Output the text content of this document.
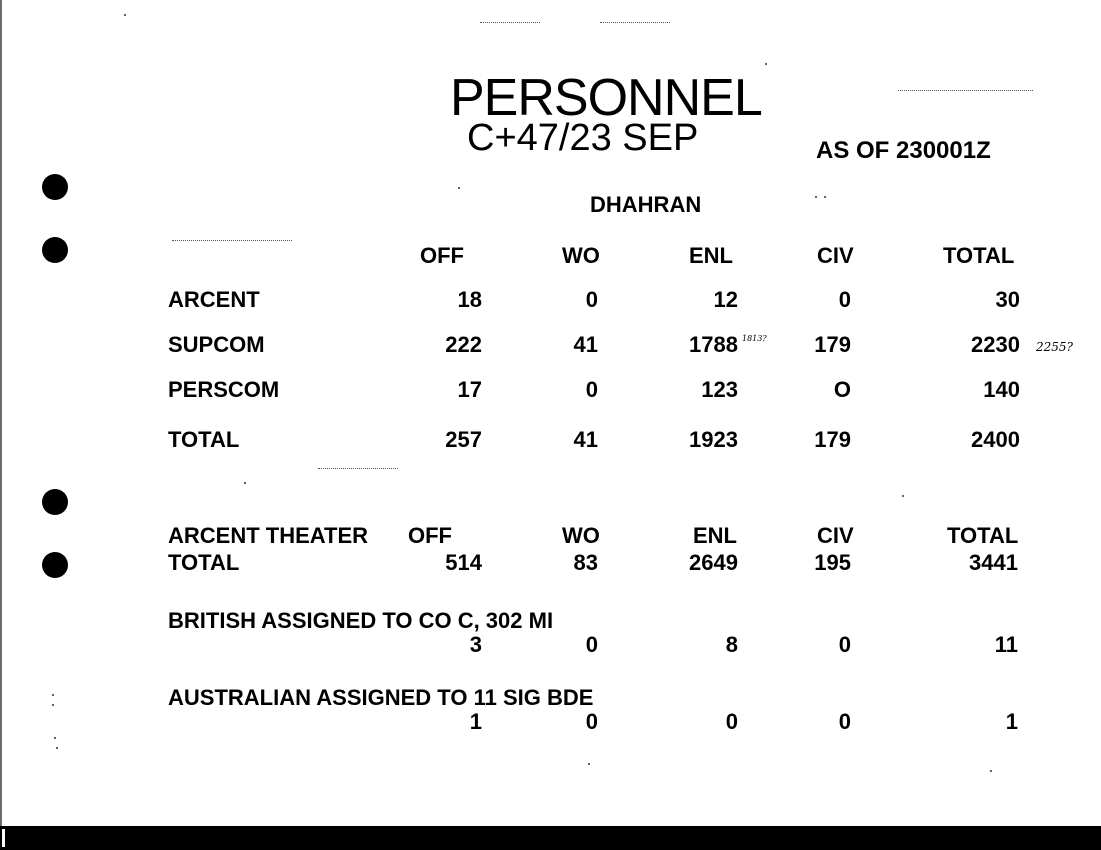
PERSONNEL
C+47/23 SEP	AS OF 230001Z
DHAHRAN
OFF	WO	ENL	CIV	TOTAL
ARCENT	18	0	12	0	30
SUPCOM	222	41	1788	179	2230
1813?
2255?
PERSCOM	17	0	123	O	140
TOTAL	257	41	1923	179	2400
ARCENT THEATER OFF	WO	ENL	CIV	TOTAL
TOTAL	514	83	2649	195	3441
BRITISH ASSIGNED TO CO C, 302 MI
3	0	8	0	11
AUSTRALIAN ASSIGNED TO 11 SIG BDE
1	0	0	0	1
